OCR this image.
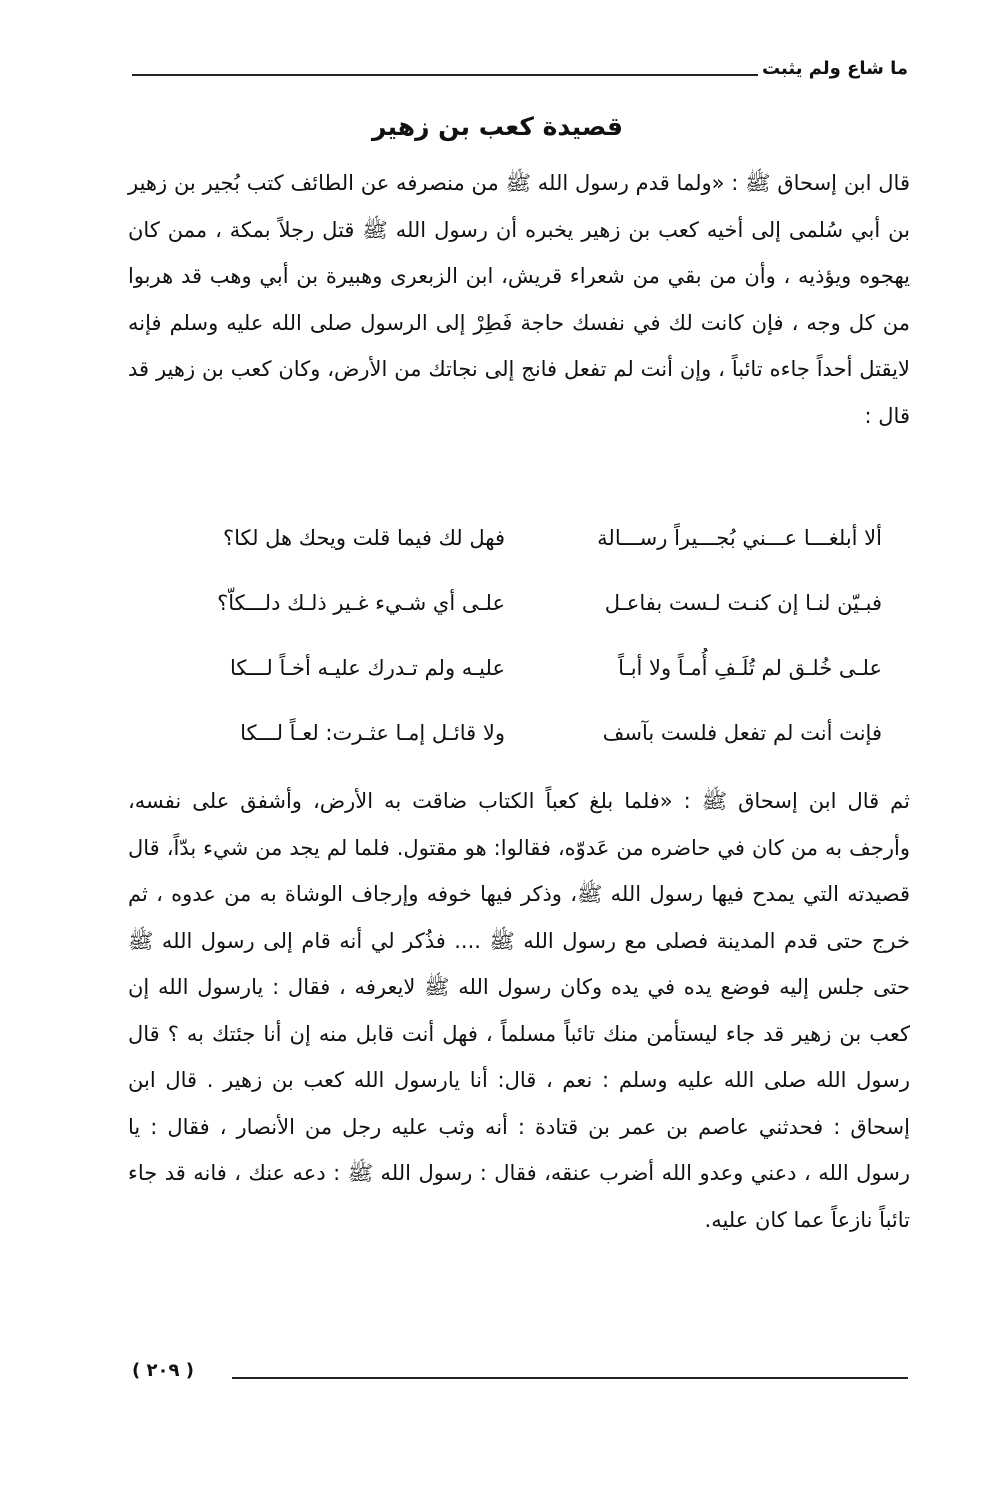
ما شاع ولم يثبت
قصيدة كعب بن زهير

قال ابن إسحاق ﷺ : «ولما قدم رسول الله ﷺ من منصرفه عن الطائف كتب بُجير بن زهير بن أبي سُلمى إلى أخيه كعب بن زهير يخبره أن رسول الله ﷺ قتل رجلاً بمكة ، ممن كان يهجوه ويؤذيه ، وأن من بقي من شعراء قريش، ابن الزبعرى وهبيرة بن أبي وهب قد هربوا من كل وجه ، فإن كانت لك في نفسك حاجة فَطِرْ إلى الرسول صلى الله عليه وسلم فإنه لايقتل أحداً جاءه تائباً ، وإن أنت لم تفعل فانج إلى نجاتك من الأرض، وكان كعب بن زهير قد قال :

ألا أبلغـــا عـــني بُجـــيراً رســـالة
فهل لك فيما قلت ويحك هل لكا؟
فبـيّن لنـا إن كنـت لـست بفاعـل
علـى أي شـيء غـير ذلـك دلـــكاّ؟
علـى خُلـق لم تُلَـفِ أُمـاً ولا أبـاً
عليـه ولم تـدرك عليـه أخـاً لـــكا
فإنت أنت لم تفعل فلست بآسف
ولا قائـل إمـا عثـرت: لعـاً لـــكا

ثم قال ابن إسحاق ﷺ : «فلما بلغ كعباً الكتاب ضاقت به الأرض، وأشفق على نفسه، وأرجف به من كان في حاضره من عَدوّه، فقالوا: هو مقتول. فلما لم يجد من شيء بدّاً، قال قصيدته التي يمدح فيها رسول الله ﷺ، وذكر فيها خوفه وإرجاف الوشاة به من عدوه ، ثم خرج حتى قدم المدينة فصلى مع رسول الله ﷺ .... فذُكر لي أنه قام إلى رسول الله ﷺ حتى جلس إليه فوضع يده في يده وكان رسول الله ﷺ لايعرفه ، فقال : يارسول الله إن كعب بن زهير قد جاء ليستأمن منك تائباً مسلماً ، فهل أنت قابل منه إن أنا جئتك به ؟ قال رسول الله صلى الله عليه وسلم : نعم ، قال: أنا يارسول الله كعب بن زهير . قال ابن إسحاق : فحدثني عاصم بن عمر بن قتادة : أنه وثب عليه رجل من الأنصار ، فقال : يا رسول الله ، دعني وعدو الله أضرب عنقه، فقال : رسول الله ﷺ : دعه عنك ، فانه قد جاء تائباً نازعاً عما كان عليه.

( ٢٠٩ )
